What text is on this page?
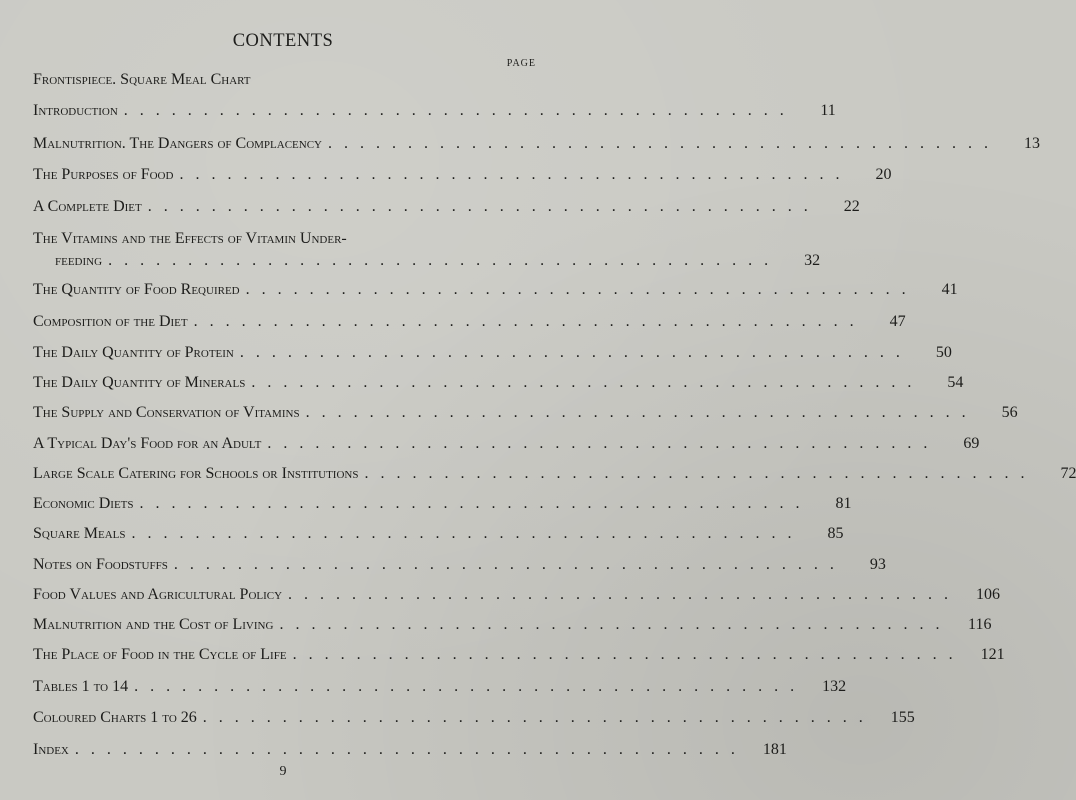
CONTENTS
PAGE
Frontispiece. Square Meal Chart
Introduction ..........................................	11
Malnutrition. The Dangers of Complacency ..........................................	13
The Purposes of Food ..........................................	20
A Complete Diet ..........................................	22
The Vitamins and the Effects of Vitamin Under-
feeding ..........................................	32
The Quantity of Food Required ..........................................	41
Composition of the Diet ..........................................	47
The Daily Quantity of Protein ..........................................	50
The Daily Quantity of Minerals ..........................................	54
The Supply and Conservation of Vitamins ..........................................	56
A Typical Day's Food for an Adult ..........................................	69
Large Scale Catering for Schools or Institutions ..........................................	72
Economic Diets ..........................................	81
Square Meals ..........................................	85
Notes on Foodstuffs ..........................................	93
Food Values and Agricultural Policy ..........................................	106
Malnutrition and the Cost of Living ..........................................	116
The Place of Food in the Cycle of Life ..........................................	121
Tables 1 to 14 ..........................................	132
Coloured Charts 1 to 26 ..........................................	155
Index ..........................................	181
9
